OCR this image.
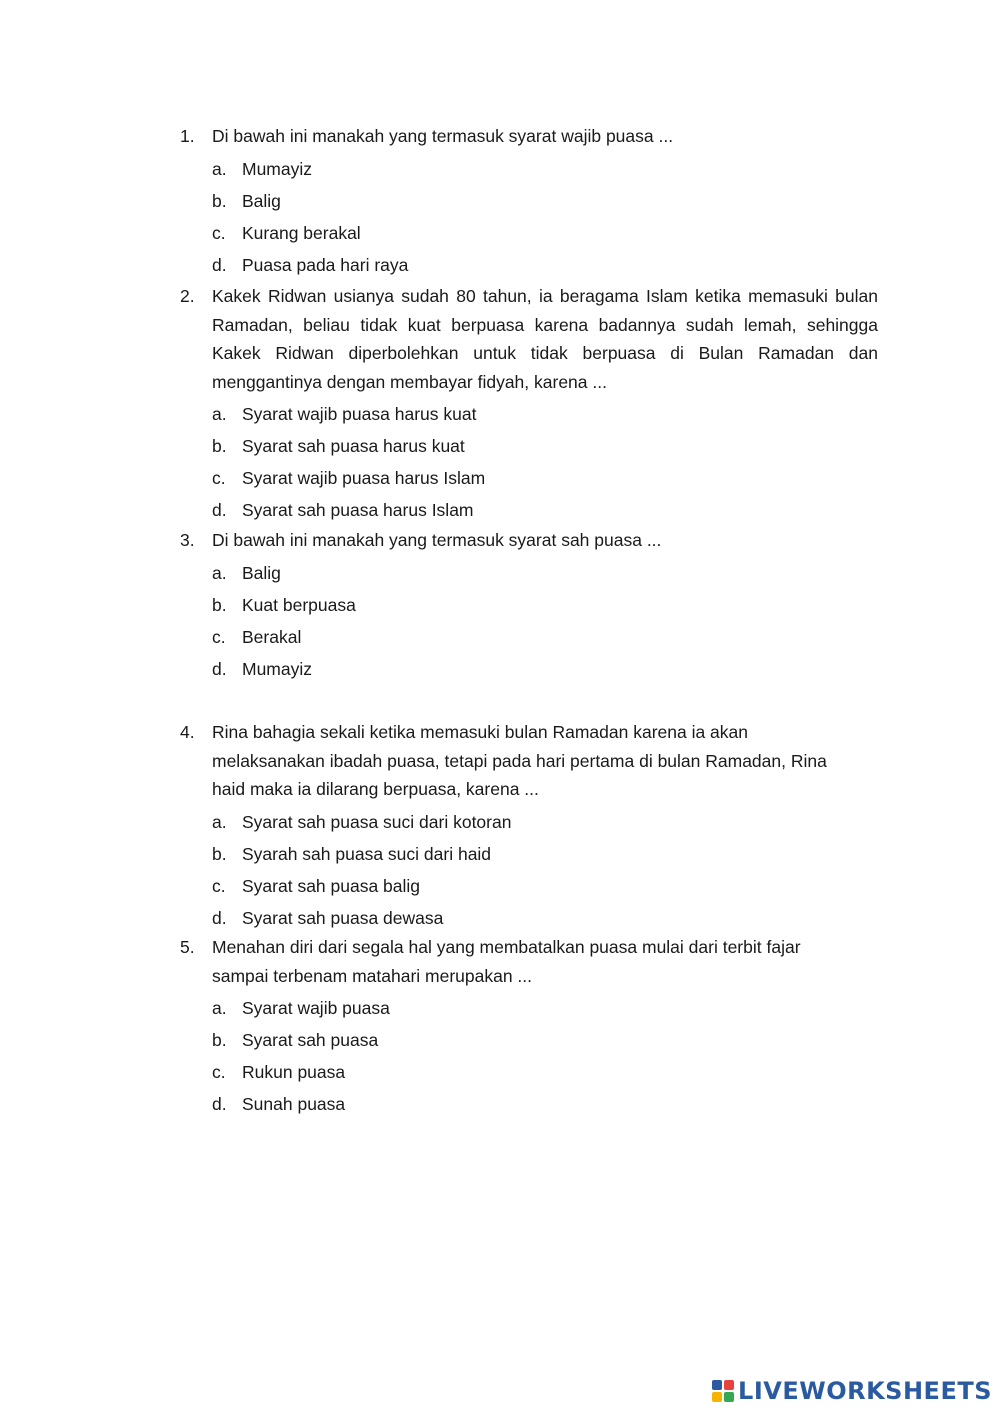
1. Di bawah ini manakah yang termasuk syarat wajib puasa ...
a. Mumayiz
b. Balig
c. Kurang berakal
d. Puasa pada hari raya
2. Kakek Ridwan usianya sudah 80 tahun, ia beragama Islam ketika memasuki bulan Ramadan, beliau tidak kuat berpuasa karena badannya sudah lemah, sehingga Kakek Ridwan diperbolehkan untuk tidak berpuasa di Bulan Ramadan dan menggantinya dengan membayar fidyah, karena ...
a. Syarat wajib puasa harus kuat
b. Syarat sah puasa harus kuat
c. Syarat wajib puasa harus Islam
d. Syarat sah puasa harus Islam
3. Di bawah ini manakah yang termasuk syarat sah puasa ...
a. Balig
b. Kuat berpuasa
c. Berakal
d. Mumayiz
4. Rina bahagia sekali ketika memasuki bulan Ramadan karena ia akan melaksanakan ibadah puasa, tetapi pada hari pertama di bulan Ramadan, Rina haid maka ia dilarang berpuasa, karena ...
a. Syarat sah puasa suci dari kotoran
b. Syarah sah puasa suci dari haid
c. Syarat sah puasa balig
d. Syarat sah puasa dewasa
5. Menahan diri dari segala hal yang membatalkan puasa mulai dari terbit fajar sampai terbenam matahari merupakan ...
a. Syarat wajib puasa
b. Syarat sah puasa
c. Rukun puasa
d. Sunah puasa
LIVEWORKSHEETS
